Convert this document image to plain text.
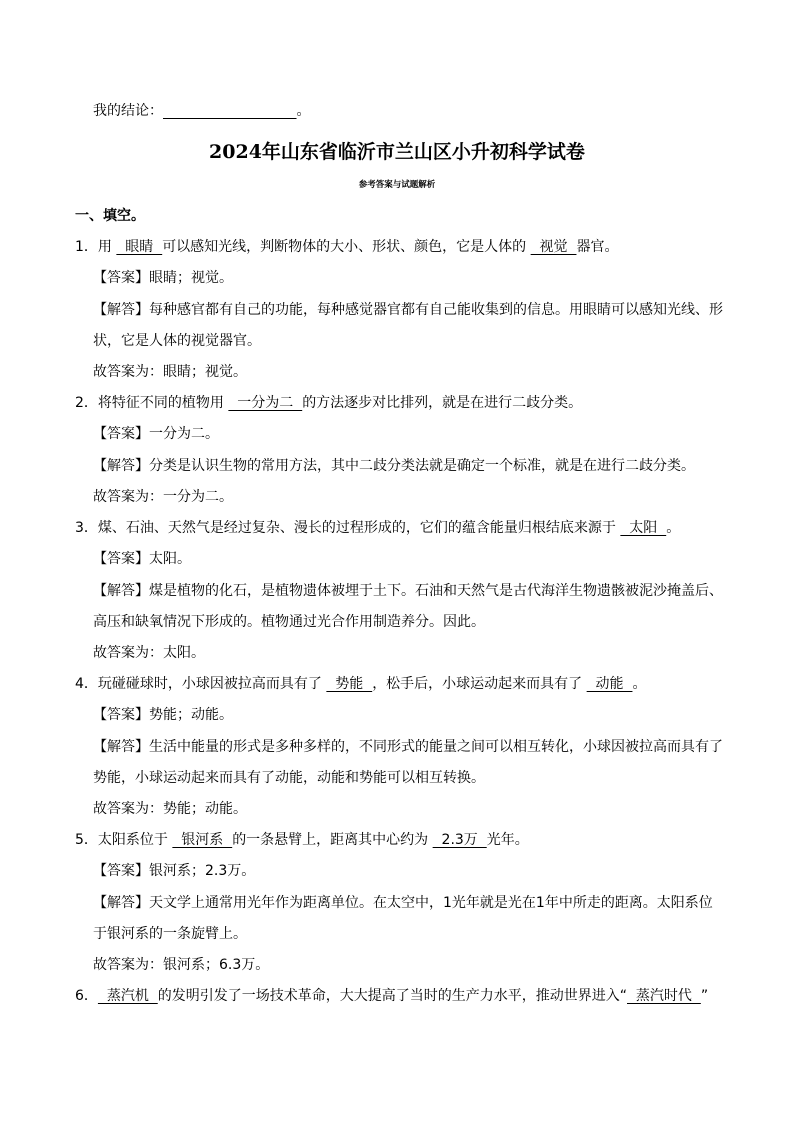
我的结论：	。
2024年山东省临沂市兰山区小升初科学试卷
参考答案与试题解析
一、填空。
1．用   眼睛  可以感知光线，判断物体的大小、形状、颜色，它是人体的   视觉  器官。
【答案】眼睛；视觉。
【解答】每种感官都有自己的功能，每种感觉器官都有自己能收集到的信息。用眼睛可以感知光线、形
状，它是人体的视觉器官。
故答案为：眼睛；视觉。
2．将特征不同的植物用   一分为二  的方法逐步对比排列，就是在进行二歧分类。
【答案】一分为二。
【解答】分类是认识生物的常用方法，其中二歧分类法就是确定一个标准，就是在进行二歧分类。
故答案为：一分为二。
3．煤、石油、天然气是经过复杂、漫长的过程形成的，它们的蕴含能量归根结底来源于   太阳  。
【答案】太阳。
【解答】煤是植物的化石，是植物遗体被埋于土下。石油和天然气是古代海洋生物遗骸被泥沙掩盖后、
高压和缺氧情况下形成的。植物通过光合作用制造养分。因此。
故答案为：太阳。
4．玩碰碰球时，小球因被拉高而具有了   势能  ，松手后，小球运动起来而具有了   动能  。
【答案】势能；动能。
【解答】生活中能量的形式是多种多样的，不同形式的能量之间可以相互转化，小球因被拉高而具有了
势能，小球运动起来而具有了动能，动能和势能可以相互转换。
故答案为：势能；动能。
5．太阳系位于   银河系  的一条悬臂上，距离其中心约为   2.3万  光年。
【答案】银河系；2.3万。
【解答】天文学上通常用光年作为距离单位。在太空中，1光年就是光在1年中所走的距离。太阳系位
于银河系的一条旋臂上。
故答案为：银河系；6.3万。
6．  蒸汽机  的发明引发了一场技术革命，大大提高了当时的生产力水平，推动世界进入“  蒸汽时代  ”
